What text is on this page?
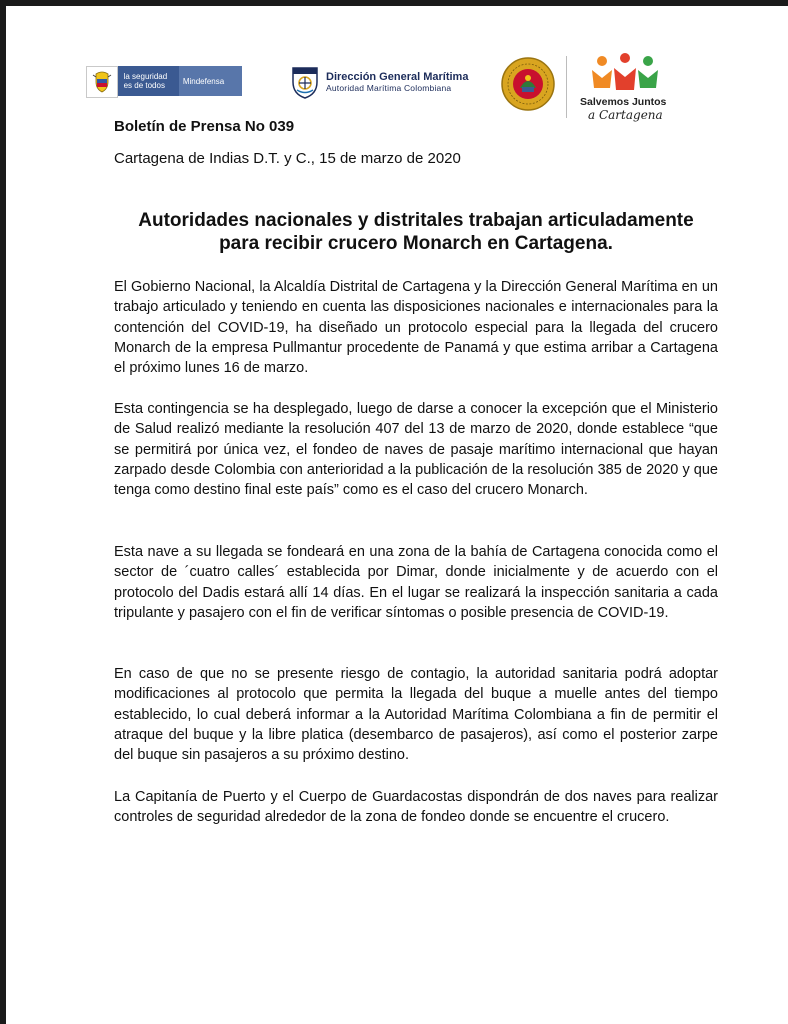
la seguridad
es de todos	Mindefensa	Dirección General Marítima
Autoridad Marítima Colombiana
Salvemos Juntos
a Cartagena
Boletín de Prensa No 039
Cartagena de Indias D.T. y C., 15 de marzo de 2020
Autoridades nacionales y distritales trabajan articuladamente
para recibir crucero Monarch en Cartagena.

El Gobierno Nacional, la Alcaldía Distrital de Cartagena y la Dirección General Marítima en un trabajo articulado y teniendo en cuenta las disposiciones nacionales e internacionales para la contención del COVID-19, ha diseñado un protocolo especial para la llegada del crucero Monarch de la empresa Pullmantur procedente de Panamá y que estima arribar a Cartagena el próximo lunes 16 de marzo.

Esta contingencia se ha desplegado, luego de darse a conocer la excepción que el Ministerio de Salud realizó mediante la resolución 407 del 13 de marzo de 2020, donde establece “que se permitirá por única vez, el fondeo de naves de pasaje marítimo internacional que hayan zarpado desde Colombia con anterioridad a la publicación de la resolución 385 de 2020 y que tenga como destino final este país” como es el caso del crucero Monarch.

Esta nave a su llegada se fondeará en una zona de la bahía de Cartagena conocida como el sector de ´cuatro calles´ establecida por Dimar, donde inicialmente y de acuerdo con el protocolo del Dadis estará allí 14 días. En el lugar se realizará la inspección sanitaria a cada tripulante y pasajero con el fin de verificar síntomas o posible presencia de COVID-19.

En caso de que no se presente riesgo de contagio, la autoridad sanitaria podrá adoptar modificaciones al protocolo que permita la llegada del buque a muelle antes del tiempo establecido, lo cual deberá informar a la Autoridad Marítima Colombiana a fin de permitir el atraque del buque y la libre platica (desembarco de pasajeros), así como el posterior zarpe del buque sin pasajeros a su próximo destino.

La Capitanía de Puerto y el Cuerpo de Guardacostas dispondrán de dos naves para realizar controles de seguridad alrededor de la zona de fondeo donde se encuentre el crucero.
